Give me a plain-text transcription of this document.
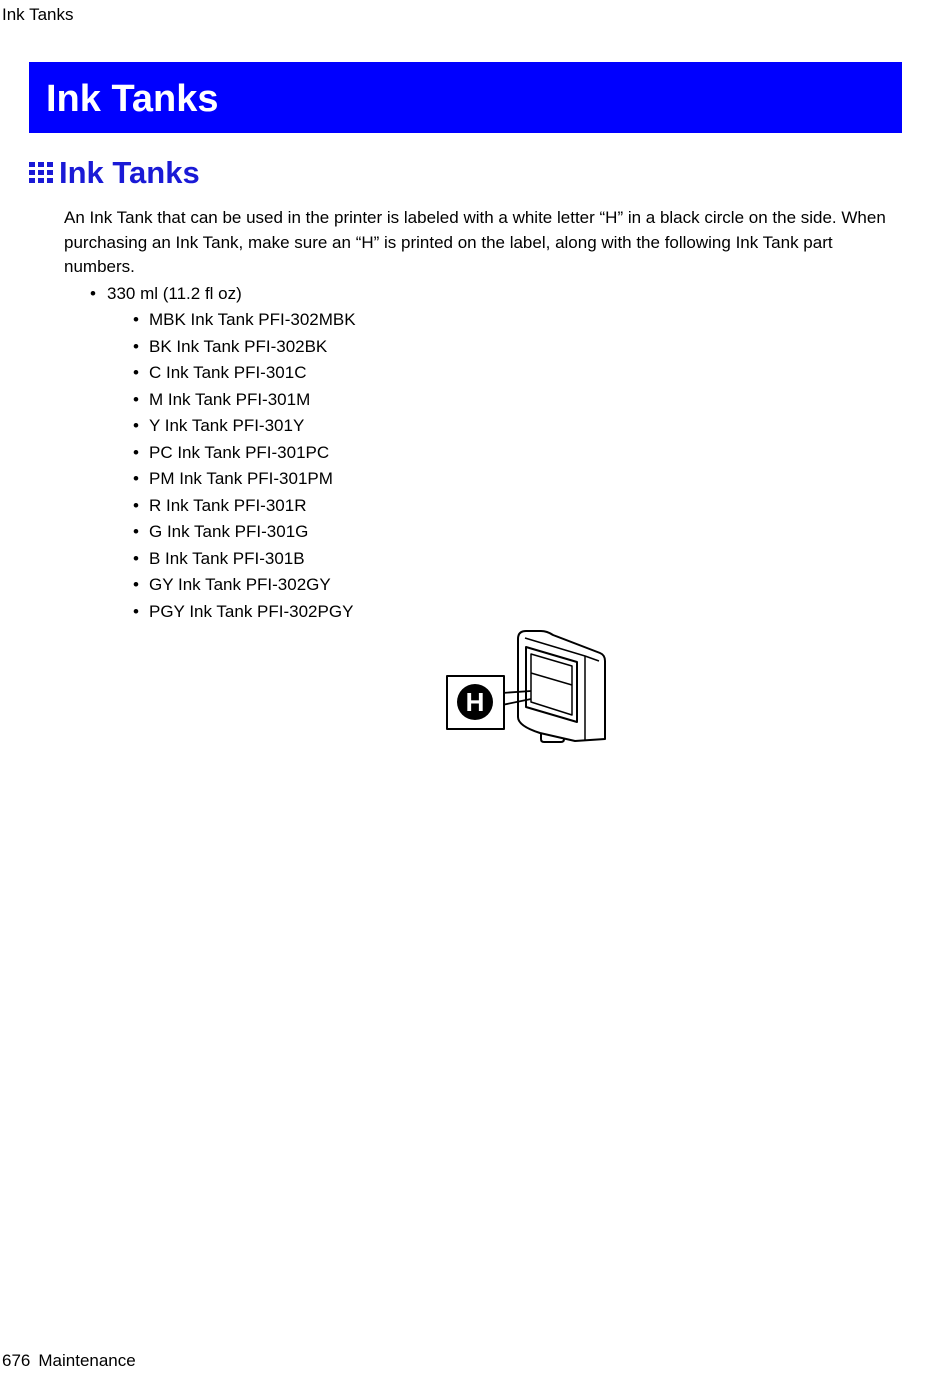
Ink Tanks
Ink Tanks
Ink Tanks

An Ink Tank that can be used in the printer is labeled with a white letter “H” in a black circle on the side. When purchasing an Ink Tank, make sure an “H” is printed on the label, along with the following Ink Tank part numbers.

• 330 ml (11.2 fl oz)
• MBK Ink Tank PFI-302MBK
• BK Ink Tank PFI-302BK
• C Ink Tank PFI-301C
• M Ink Tank PFI-301M
• Y Ink Tank PFI-301Y
• PC Ink Tank PFI-301PC
• PM Ink Tank PFI-301PM
• R Ink Tank PFI-301R
• G Ink Tank PFI-301G
• B Ink Tank PFI-301B
• GY Ink Tank PFI-302GY
• PGY Ink Tank PFI-302PGY
H
676 Maintenance
